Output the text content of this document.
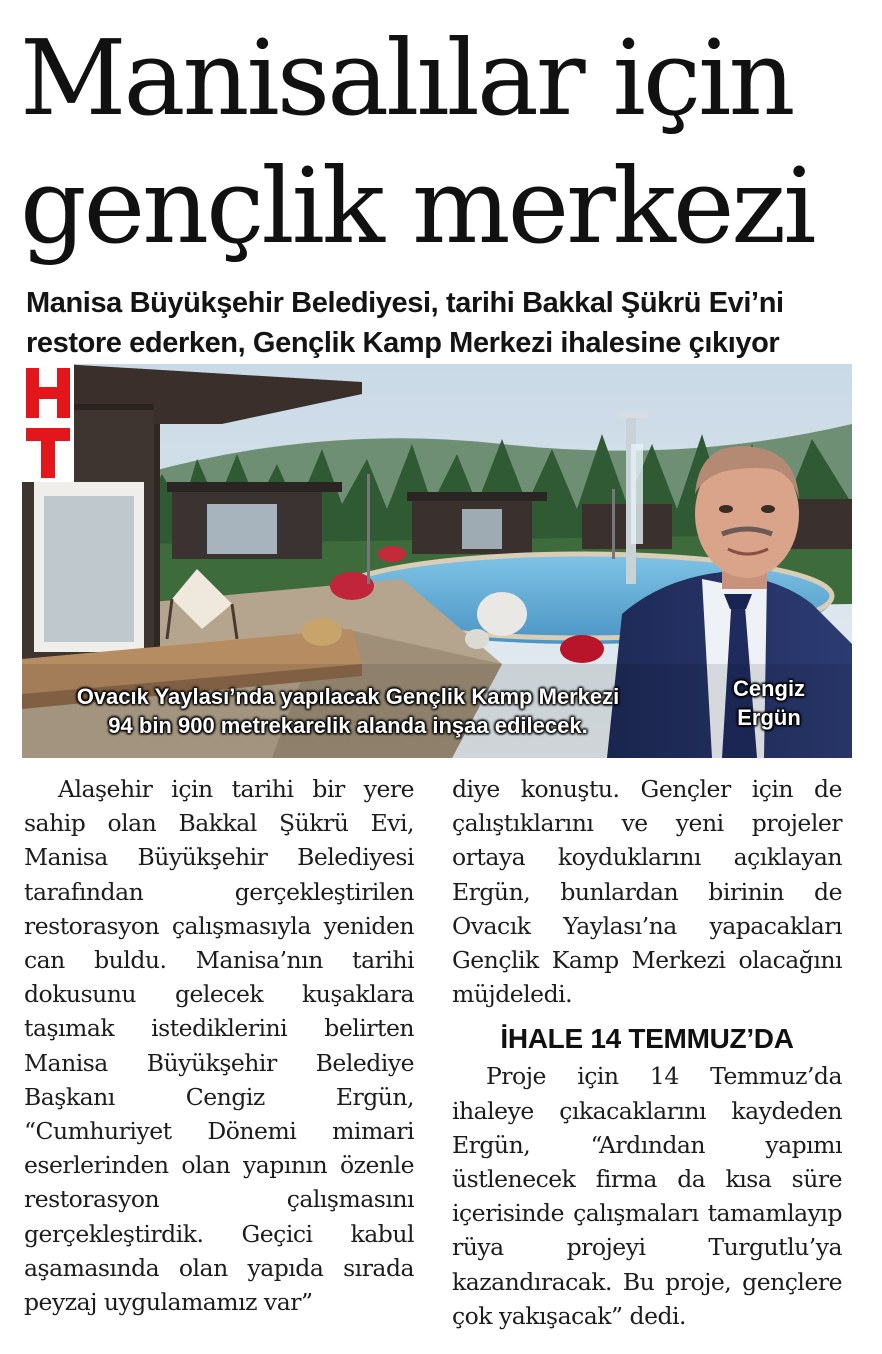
Manisalılar için
gençlik merkezi
Manisa Büyükşehir Belediyesi, tarihi Bakkal Şükrü Evi’ni
restore ederken, Gençlik Kamp Merkezi ihalesine çıkıyor
Ovacık Yaylası’nda yapılacak Gençlik Kamp Merkezi
94 bin 900 metrekarelik alanda inşaa edilecek.
Cengiz
Ergün

Alaşehir için tarihi bir yere sahip olan Bakkal Şükrü Evi, Manisa Büyükşehir Belediyesi tarafından gerçekleştirilen restorasyon çalışmasıyla yeniden can buldu. Manisa’nın tarihi dokusunu gelecek kuşaklara taşımak istediklerini belirten Manisa Büyükşehir Belediye Başkanı Cengiz Ergün, “Cumhuriyet Dönemi mimari eserlerinden olan yapının özenle restorasyon çalışmasını gerçekleştirdik. Geçici kabul aşamasında olan yapıda sırada peyzaj uygulamamız var”

diye konuştu. Gençler için de çalıştıklarını ve yeni projeler ortaya koyduklarını açıklayan Ergün, bunlardan birinin de Ovacık Yaylası’na yapacakları Gençlik Kamp Merkezi olacağını müjdeledi.

İHALE 14 TEMMUZ’DA

Proje için 14 Temmuz’da ihaleye çıkacaklarını kaydeden Ergün, “Ardından yapımı üstlenecek firma da kısa süre içerisinde çalışmaları tamamlayıp rüya projeyi Turgutlu’ya kazandıracak. Bu proje, gençlere çok yakışacak” dedi.
